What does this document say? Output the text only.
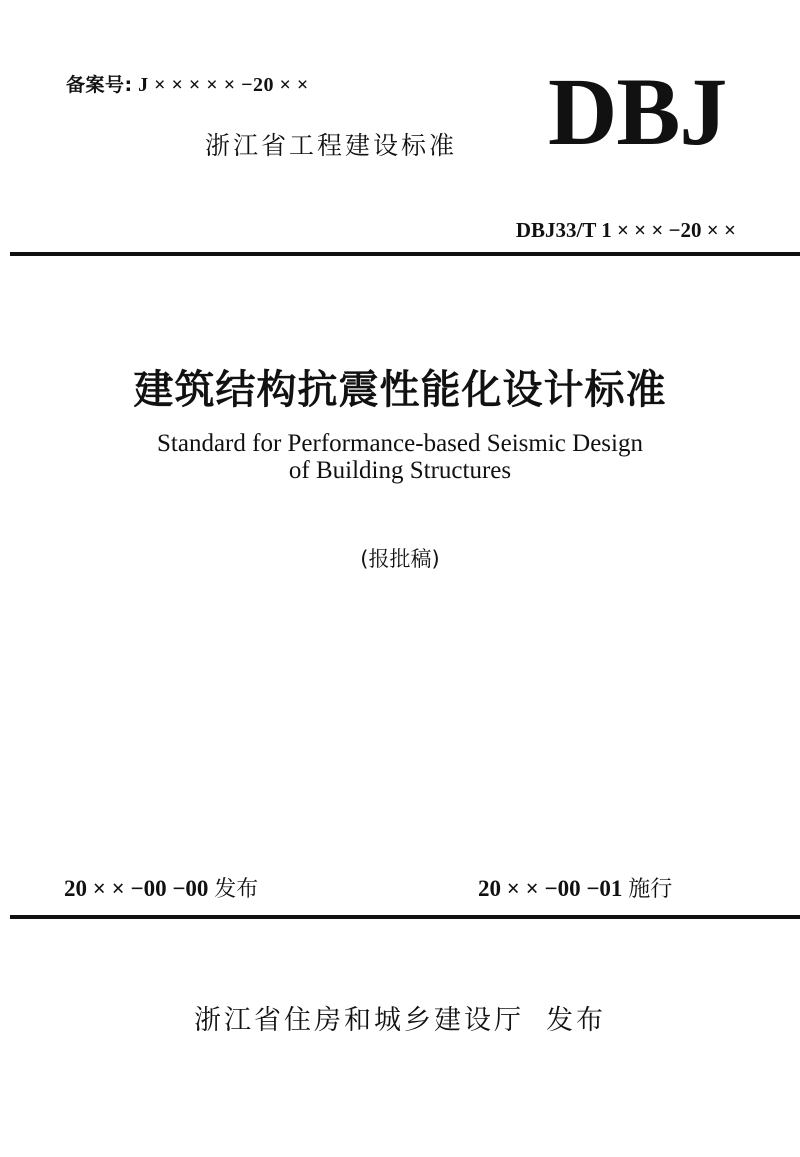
备案号: J × × × × × −20 × ×
浙江省工程建设标准 DBJ
DBJ33/T 1 × × × −20 × ×
建筑结构抗震性能化设计标准
Standard for Performance-based Seismic Design
of Building Structures
(报批稿)
20 × × −00 −00 发布	20 × × −00 −01 施行
浙江省住房和城乡建设厅 发布
